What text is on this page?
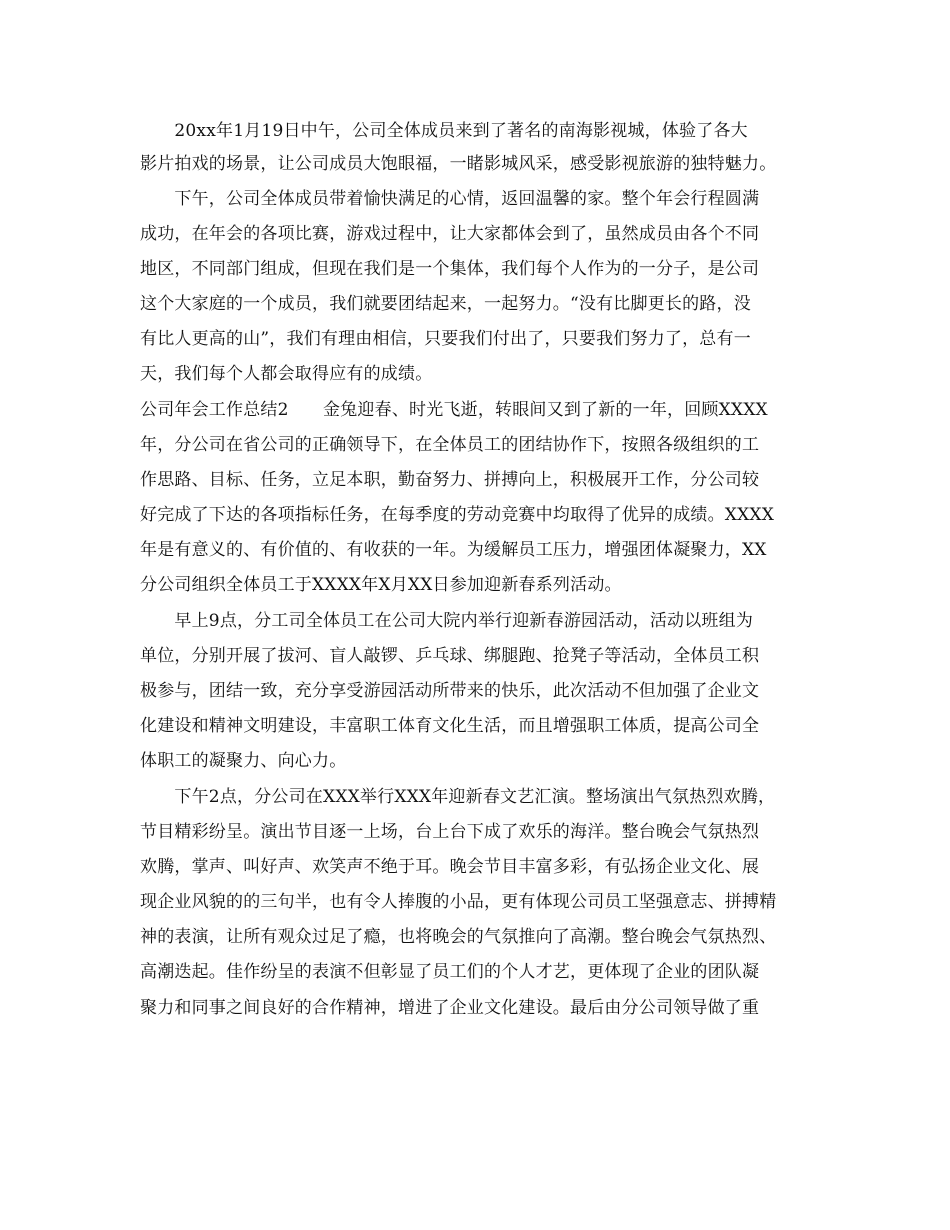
　　20xx年1月19日中午，公司全体成员来到了著名的南海影视城，体验了各大
影片拍戏的场景，让公司成员大饱眼福，一睹影城风采，感受影视旅游的独特魅力。
　　下午，公司全体成员带着愉快满足的心情，返回温馨的家。整个年会行程圆满
成功，在年会的各项比赛，游戏过程中，让大家都体会到了，虽然成员由各个不同
地区，不同部门组成，但现在我们是一个集体，我们每个人作为的一分子，是公司
这个大家庭的一个成员，我们就要团结起来，一起努力。“没有比脚更长的路，没
有比人更高的山”，我们有理由相信，只要我们付出了，只要我们努力了，总有一
天，我们每个人都会取得应有的成绩。
公司年会工作总结2　　金兔迎春、时光飞逝，转眼间又到了新的一年，回顾XXXX
年，分公司在省公司的正确领导下，在全体员工的团结协作下，按照各级组织的工
作思路、目标、任务，立足本职，勤奋努力、拼搏向上，积极展开工作，分公司较
好完成了下达的各项指标任务，在每季度的劳动竞赛中均取得了优异的成绩。XXXX
年是有意义的、有价值的、有收获的一年。为缓解员工压力，增强团体凝聚力，XX
分公司组织全体员工于XXXX年X月XX日参加迎新春系列活动。
　　早上9点，分工司全体员工在公司大院内举行迎新春游园活动，活动以班组为
单位，分别开展了拔河、盲人敲锣、乒乓球、绑腿跑、抢凳子等活动，全体员工积
极参与，团结一致，充分享受游园活动所带来的快乐，此次活动不但加强了企业文
化建设和精神文明建设，丰富职工体育文化生活，而且增强职工体质，提高公司全
体职工的凝聚力、向心力。
　　下午2点，分公司在XXX举行XXX年迎新春文艺汇演。整场演出气氛热烈欢腾，
节目精彩纷呈。演出节目逐一上场，台上台下成了欢乐的海洋。整台晚会气氛热烈
欢腾，掌声、叫好声、欢笑声不绝于耳。晚会节目丰富多彩，有弘扬企业文化、展
现企业风貌的的三句半，也有令人捧腹的小品，更有体现公司员工坚强意志、拼搏精
神的表演，让所有观众过足了瘾，也将晚会的气氛推向了高潮。整台晚会气氛热烈、
高潮迭起。佳作纷呈的表演不但彰显了员工们的个人才艺，更体现了企业的团队凝
聚力和同事之间良好的合作精神，增进了企业文化建设。最后由分公司领导做了重
